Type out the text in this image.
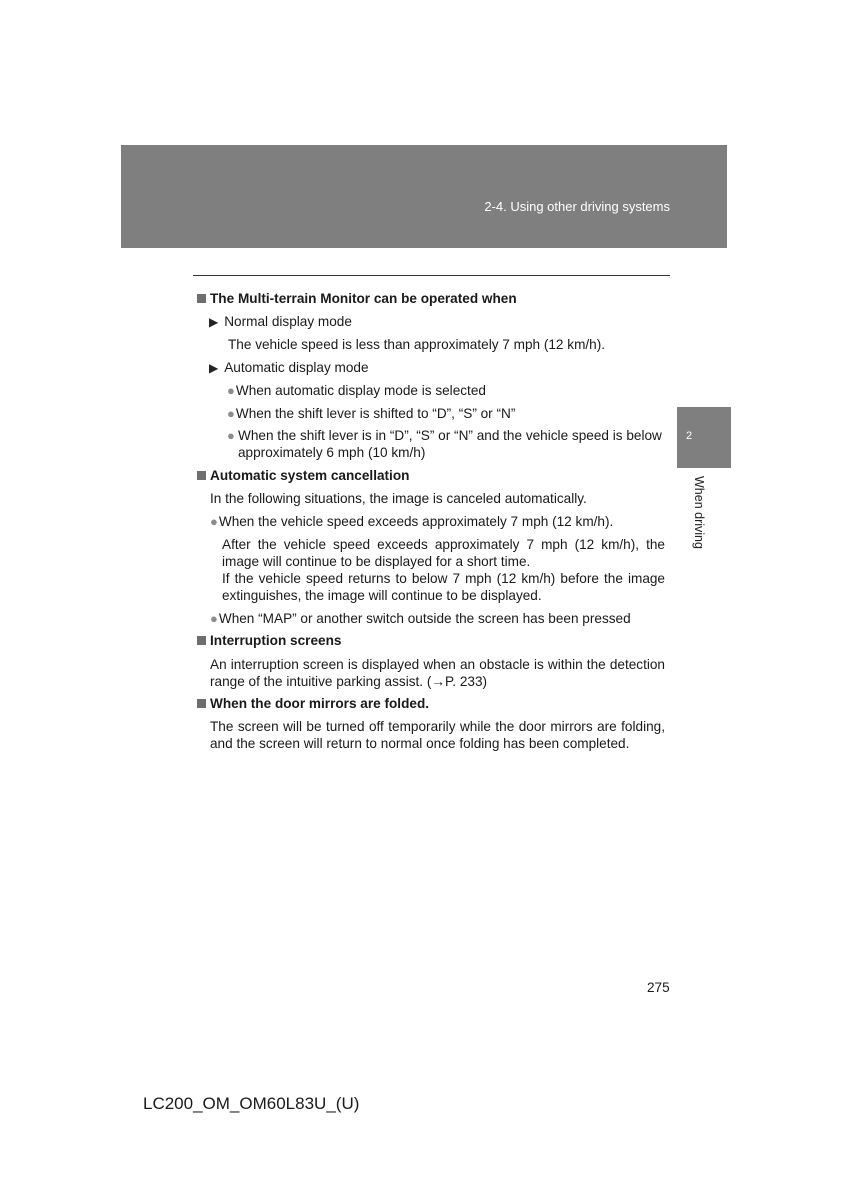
2-4. Using other driving systems
2
When driving
The Multi-terrain Monitor can be operated when
▶ Normal display mode
The vehicle speed is less than approximately 7 mph (12 km/h).
▶ Automatic display mode
●When automatic display mode is selected
●When the shift lever is shifted to “D”, “S” or “N”
● When the shift lever is in “D”, “S” or “N” and the vehicle speed is below approximately 6 mph (10 km/h)
Automatic system cancellation
In the following situations, the image is canceled automatically.
●When the vehicle speed exceeds approximately 7 mph (12 km/h).
After the vehicle speed exceeds approximately 7 mph (12 km/h), the image will continue to be displayed for a short time.
If the vehicle speed returns to below 7 mph (12 km/h) before the image extinguishes, the image will continue to be displayed.
●When “MAP” or another switch outside the screen has been pressed
Interruption screens
An interruption screen is displayed when an obstacle is within the detection range of the intuitive parking assist. (→P. 233)
When the door mirrors are folded.
The screen will be turned off temporarily while the door mirrors are folding, and the screen will return to normal once folding has been completed.
275
LC200_OM_OM60L83U_(U)
